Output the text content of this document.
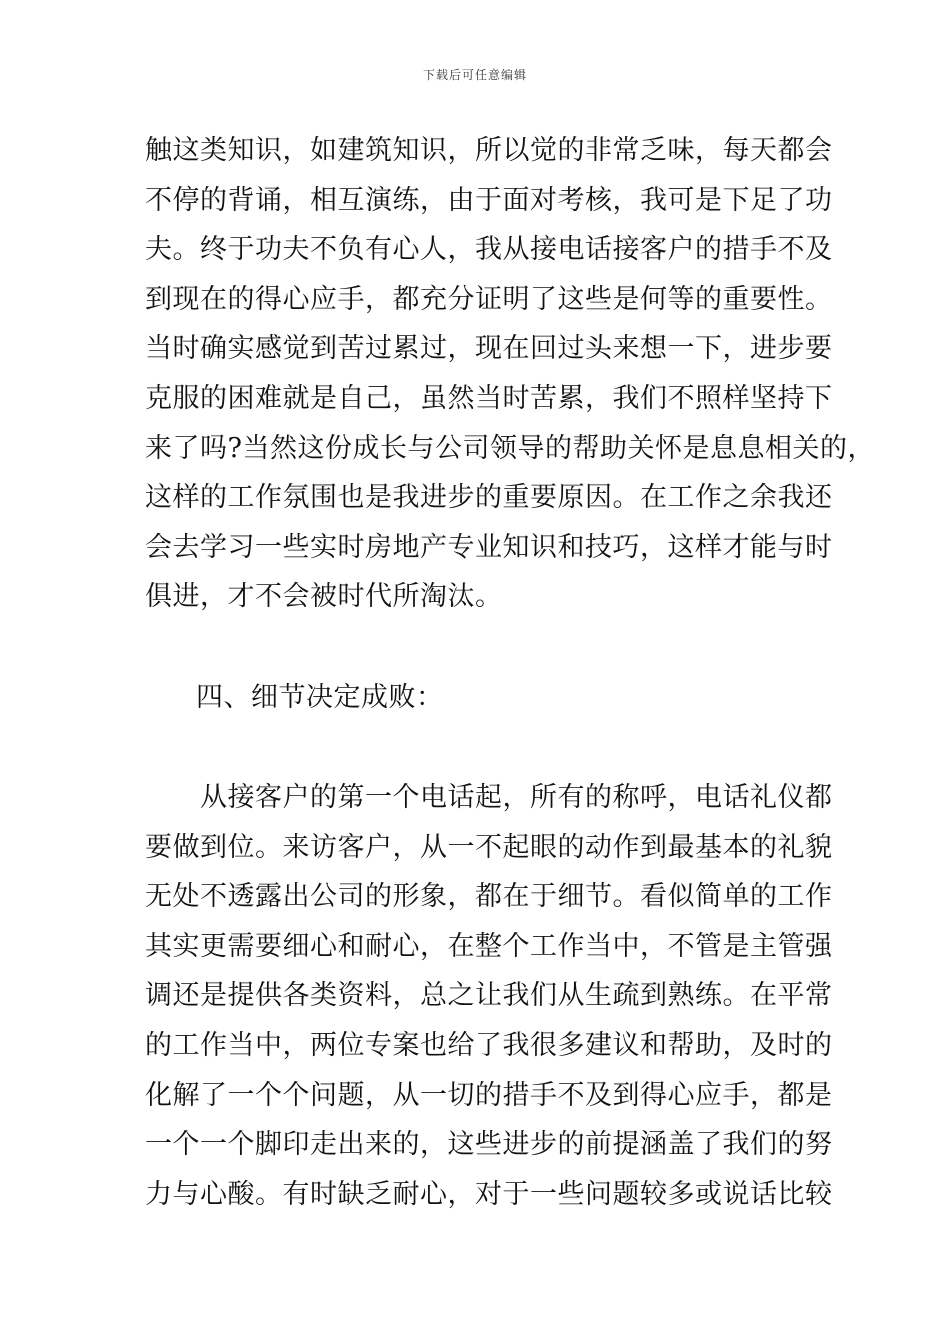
下载后可任意编辑
触这类知识，如建筑知识，所以觉的非常乏味，每天都会
不停的背诵，相互演练，由于面对考核，我可是下足了功
夫。终于功夫不负有心人，我从接电话接客户的措手不及
到现在的得心应手，都充分证明了这些是何等的重要性。
当时确实感觉到苦过累过，现在回过头来想一下，进步要
克服的困难就是自己，虽然当时苦累，我们不照样坚持下
来了吗?当然这份成长与公司领导的帮助关怀是息息相关的，
这样的工作氛围也是我进步的重要原因。在工作之余我还
会去学习一些实时房地产专业知识和技巧，这样才能与时
俱进，才不会被时代所淘汰。
四、细节决定成败：
　　从接客户的第一个电话起，所有的称呼，电话礼仪都
要做到位。来访客户，从一不起眼的动作到最基本的礼貌
无处不透露出公司的形象，都在于细节。看似简单的工作
其实更需要细心和耐心，在整个工作当中，不管是主管强
调还是提供各类资料，总之让我们从生疏到熟练。在平常
的工作当中，两位专案也给了我很多建议和帮助，及时的
化解了一个个问题，从一切的措手不及到得心应手，都是
一个一个脚印走出来的，这些进步的前提涵盖了我们的努
力与心酸。有时缺乏耐心，对于一些问题较多或说话比较
